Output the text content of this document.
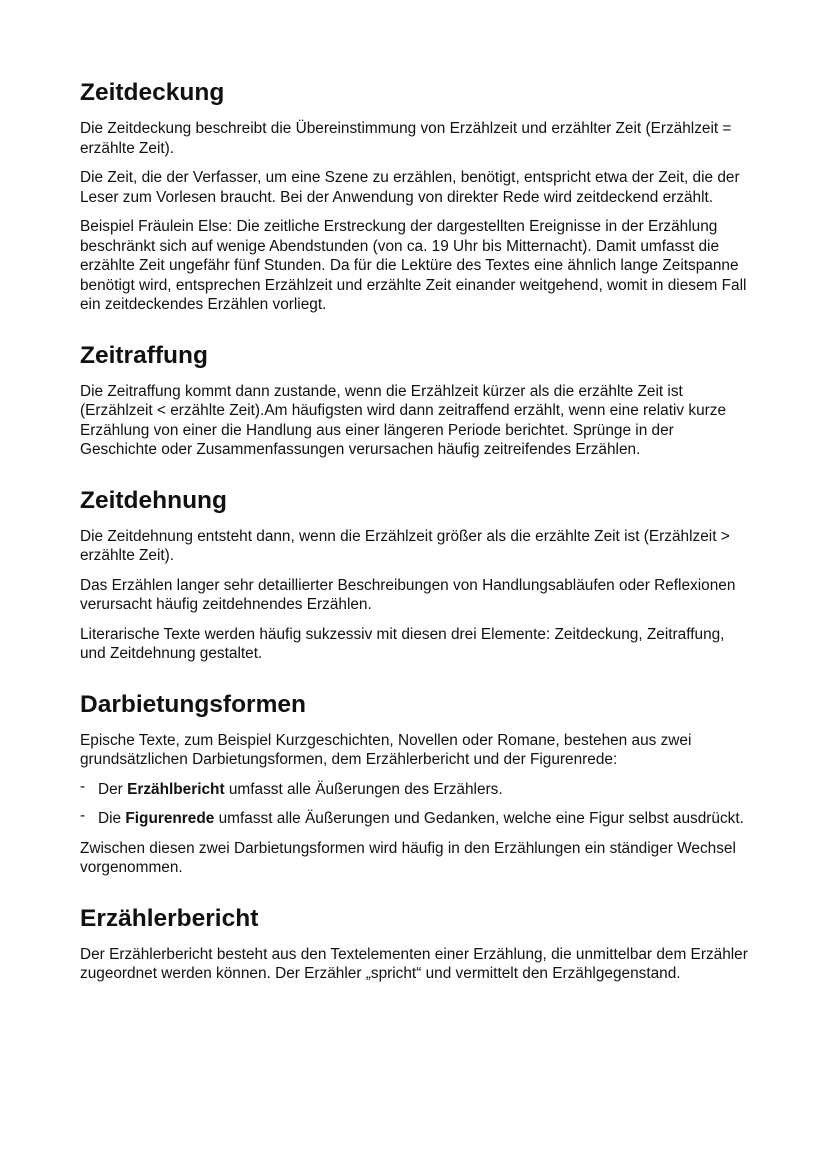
Zeitdeckung

Die Zeitdeckung beschreibt die Übereinstimmung von Erzählzeit und erzählter Zeit (Erzählzeit = erzählte Zeit).

Die Zeit, die der Verfasser, um eine Szene zu erzählen, benötigt, entspricht etwa der Zeit, die der Leser zum Vorlesen braucht. Bei der Anwendung von direkter Rede wird zeitdeckend erzählt.

Beispiel Fräulein Else: Die zeitliche Erstreckung der dargestellten Ereignisse in der Erzählung beschränkt sich auf wenige Abendstunden (von ca. 19 Uhr bis Mitternacht). Damit umfasst die erzählte Zeit ungefähr fünf Stunden. Da für die Lektüre des Textes eine ähnlich lange Zeitspanne benötigt wird, entsprechen Erzählzeit und erzählte Zeit einander weitgehend, womit in diesem Fall ein zeitdeckendes Erzählen vorliegt.

Zeitraffung

Die Zeitraffung kommt dann zustande, wenn die Erzählzeit kürzer als die erzählte Zeit ist (Erzählzeit < erzählte Zeit).Am häufigsten wird dann zeitraffend erzählt, wenn eine relativ kurze Erzählung von einer die Handlung aus einer längeren Periode berichtet. Sprünge in der Geschichte oder Zusammenfassungen verursachen häufig zeitreifendes Erzählen.

Zeitdehnung

Die Zeitdehnung entsteht dann, wenn die Erzählzeit größer als die erzählte Zeit ist (Erzählzeit > erzählte Zeit).

Das Erzählen langer sehr detaillierter Beschreibungen von Handlungsabläufen oder Reflexionen verursacht häufig zeitdehnendes Erzählen.

Literarische Texte werden häufig sukzessiv mit diesen drei Elemente: Zeitdeckung, Zeitraffung, und Zeitdehnung gestaltet.

Darbietungsformen

Epische Texte, zum Beispiel Kurzgeschichten, Novellen oder Romane, bestehen aus zwei grundsätzlichen Darbietungsformen, dem Erzählerbericht und der Figurenrede:

- Der Erzählbericht umfasst alle Äußerungen des Erzählers.
- Die Figurenrede umfasst alle Äußerungen und Gedanken, welche eine Figur selbst ausdrückt.

Zwischen diesen zwei Darbietungsformen wird häufig in den Erzählungen ein ständiger Wechsel vorgenommen.

Erzählerbericht

Der Erzählerbericht besteht aus den Textelementen einer Erzählung, die unmittelbar dem Erzähler zugeordnet werden können. Der Erzähler „spricht“ und vermittelt den Erzählgegenstand.
